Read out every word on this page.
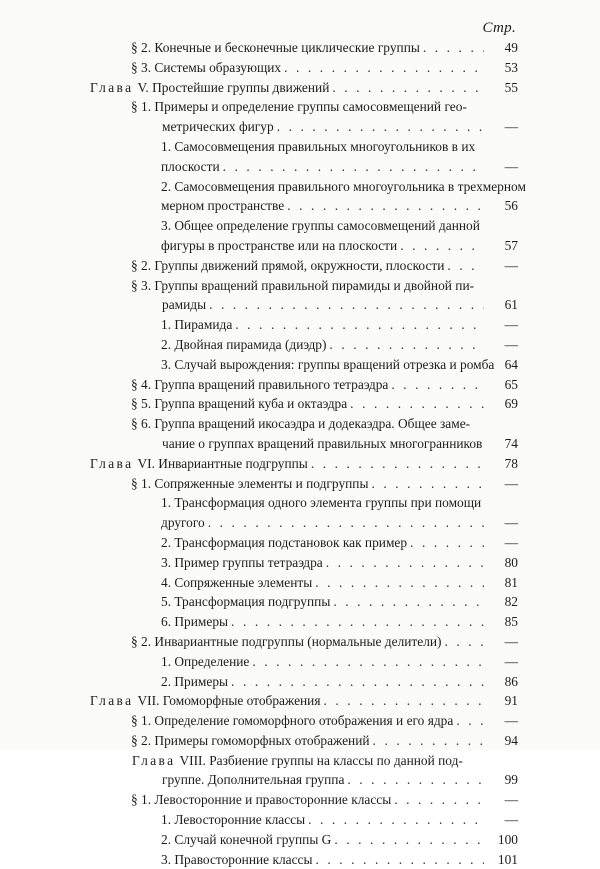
Стр.
§ 2. Конечные и бесконечные циклические группы . . .	49
§ 3. Системы образующих . . .	53
Глава V. Простейшие группы движений . . .	55
§ 1. Примеры и определение группы самосовмещений гео-
метрических фигур . . .	—
1. Самосовмещения правильных многоугольников в их
плоскости . . .	—
2. Самосовмещения правильного многоугольника в трехмерном
мерном пространстве . . .	56
3. Общее определение группы самосовмещений данной
фигуры в пространстве или на плоскости . . .	57
§ 2. Группы движений прямой, окружности, плоскости . . .	—
§ 3. Группы вращений правильной пирамиды и двойной пи-
рамиды . . .	61
1. Пирамида . . .	—
2. Двойная пирамида (диэдр) . . .	—
3. Случай вырождения: группы вращений отрезка и ромба 64
§ 4. Группа вращений правильного тетраэдра . . .	65
§ 5. Группа вращений куба и октаэдра . . .	69
§ 6. Группа вращений икосаэдра и додекаэдра. Общее заме-
чание о группах вращений правильных многогранников 74
Глава VI. Инвариантные подгруппы . . .	78
§ 1. Сопряженные элементы и подгруппы . . .	—
1. Трансформация одного элемента группы при помощи
другого . . .	—
2. Трансформация подстановок как пример . . .	—
3. Пример группы тетраэдра . . .	80
4. Сопряженные элементы . . .	81
5. Трансформация подгруппы . . .	82
6. Примеры . . .	85
§ 2. Инвариантные подгруппы (нормальные делители) . . .	—
1. Определение . . .	—
2. Примеры . . .	86
Глава VII. Гомоморфные отображения . . .	91
§ 1. Определение гомоморфного отображения и его ядра . . .	—
§ 2. Примеры гомоморфных отображений . . .	94
Глава VIII. Разбиение группы на классы по данной под-
группе. Дополнительная группа . . .	99
§ 1. Левосторонние и правосторонние классы . . .	—
1. Левосторонние классы . . .	—
2. Случай конечной группы G . . .	100
3. Правосторонние классы . . .	101
